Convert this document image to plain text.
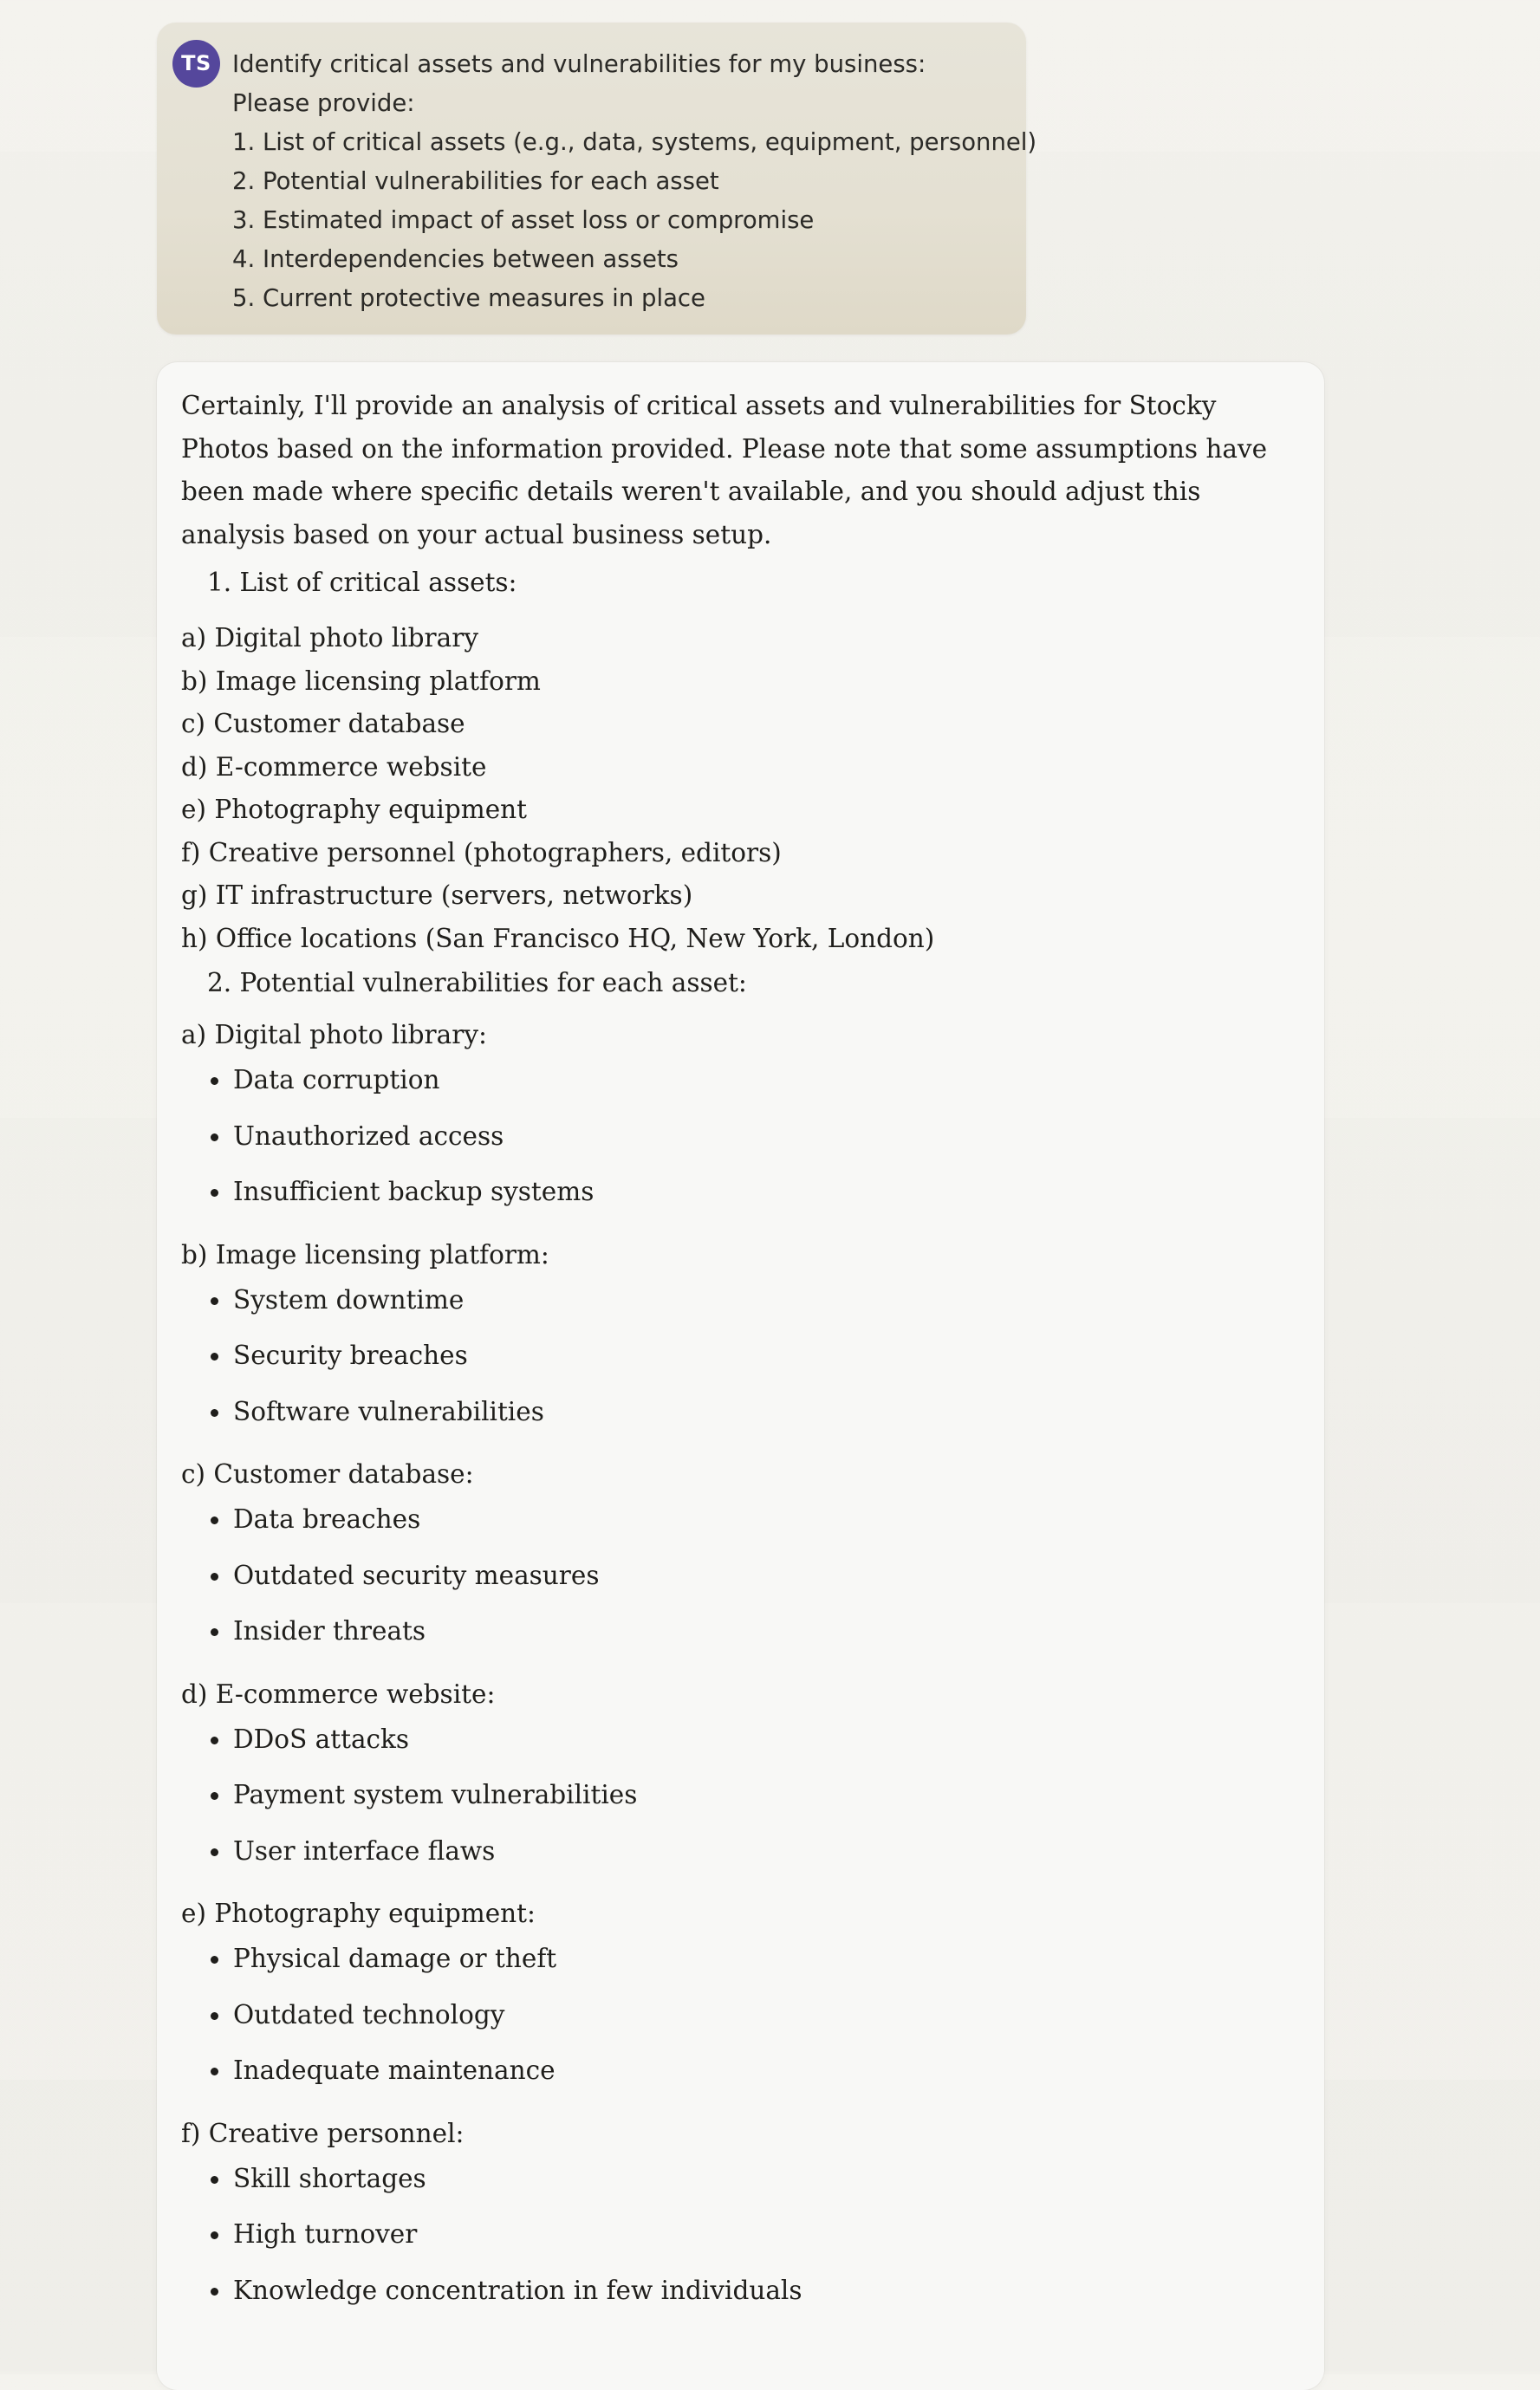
TS Identify critical assets and vulnerabilities for my business:
Please provide:
1. List of critical assets (e.g., data, systems, equipment, personnel)
2. Potential vulnerabilities for each asset
3. Estimated impact of asset loss or compromise
4. Interdependencies between assets
5. Current protective measures in place

Certainly, I'll provide an analysis of critical assets and vulnerabilities for Stocky Photos based on the information provided. Please note that some assumptions have been made where specific details weren't available, and you should adjust this analysis based on your actual business setup.

1. List of critical assets:
a) Digital photo library
b) Image licensing platform
c) Customer database
d) E-commerce website
e) Photography equipment
f) Creative personnel (photographers, editors)
g) IT infrastructure (servers, networks)
h) Office locations (San Francisco HQ, New York, London)
2. Potential vulnerabilities for each asset:
a) Digital photo library:
Data corruption
Unauthorized access
Insufficient backup systems
b) Image licensing platform:
System downtime
Security breaches
Software vulnerabilities
c) Customer database:
Data breaches
Outdated security measures
Insider threats
d) E-commerce website:
DDoS attacks
Payment system vulnerabilities
User interface flaws
e) Photography equipment:
Physical damage or theft
Outdated technology
Inadequate maintenance
f) Creative personnel:
Skill shortages
High turnover
Knowledge concentration in few individuals
